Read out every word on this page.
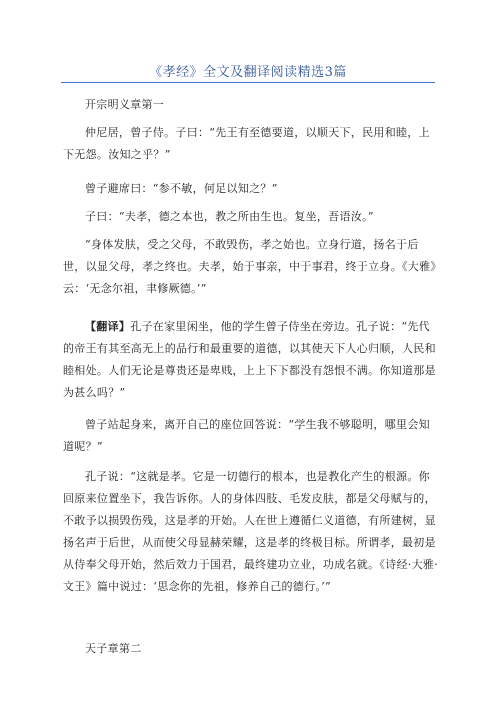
《孝经》全文及翻译阅读精选3篇

开宗明义章第一

仲尼居，曾子侍。子曰：“先王有至德要道，以顺天下，民用和睦，上下无怨。汝知之乎？”

曾子避席曰：“参不敏，何足以知之？”

子曰：“夫孝，德之本也，教之所由生也。复坐，吾语汝。”

“身体发肤，受之父母，不敢毁伤，孝之始也。立身行道，扬名于后世，以显父母，孝之终也。夫孝，始于事亲，中于事君，终于立身。《大雅》云：‘无念尔祖，聿修厥德。’”

【翻译】孔子在家里闲坐，他的学生曾子侍坐在旁边。孔子说：“先代的帝王有其至高无上的品行和最重要的道德，以其使天下人心归顺，人民和睦相处。人们无论是尊贵还是卑贱，上上下下都没有怨恨不满。你知道那是为甚么吗？”

曾子站起身来，离开自己的座位回答说：“学生我不够聪明，哪里会知道呢？”

孔子说：“这就是孝。它是一切德行的根本，也是教化产生的根源。你回原来位置坐下，我告诉你。人的身体四肢、毛发皮肤，都是父母赋与的，不敢予以损毁伤残，这是孝的开始。人在世上遵循仁义道德，有所建树，显扬名声于后世，从而使父母显赫荣耀，这是孝的终极目标。所谓孝，最初是从侍奉父母开始，然后效力于国君，最终建功立业，功成名就。《诗经·大雅·文王》篇中说过：‘思念你的先祖，修养自己的德行。’”

天子章第二
